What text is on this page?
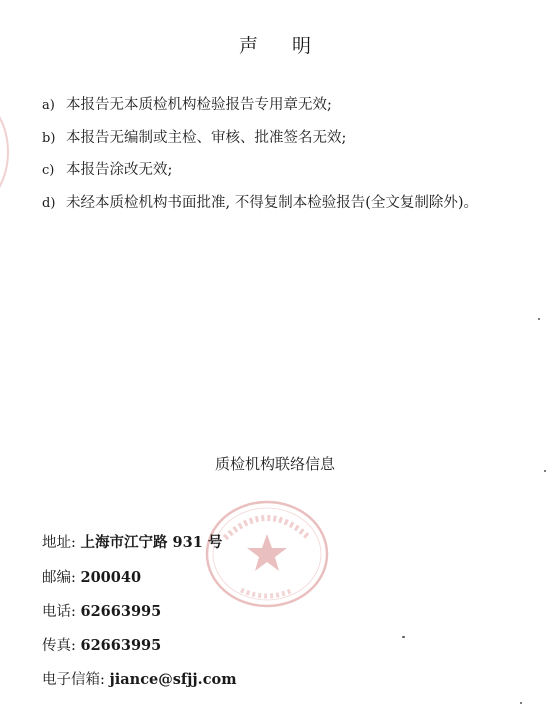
声明
a) 本报告无本质检机构检验报告专用章无效;
b) 本报告无编制或主检、审核、批准签名无效;
c) 本报告涂改无效;
d) 未经本质检机构书面批准, 不得复制本检验报告(全文复制除外)。
质检机构联络信息
地址: 上海市江宁路 931 号
邮编: 200040
电话: 62663995
传真: 62663995
电子信箱: jiance@sfjj.com
